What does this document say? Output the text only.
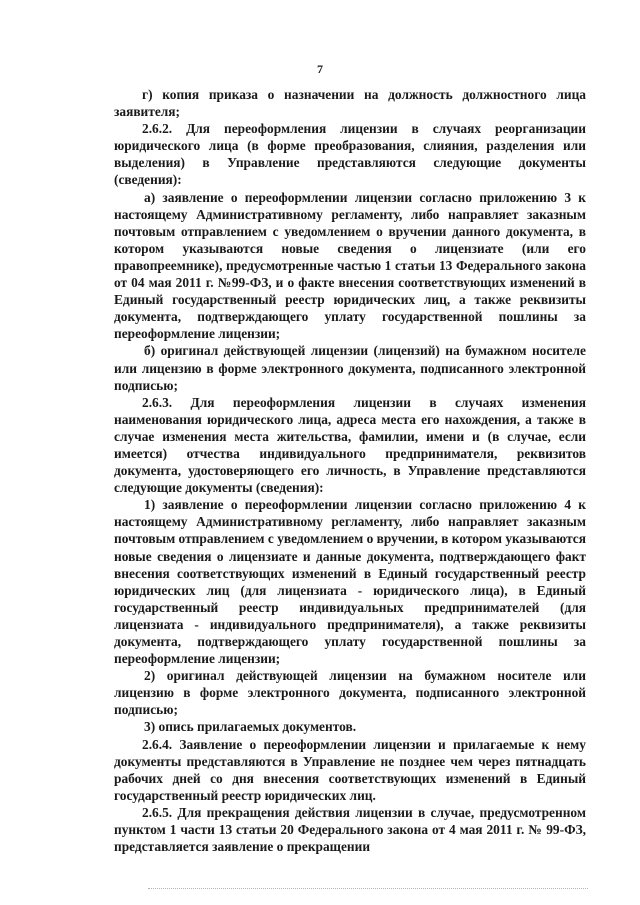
7

г) копия приказа о назначении на должность должностного лица заявителя;

2.6.2. Для переоформления лицензии в случаях реорганизации юридического лица (в форме преобразования, слияния, разделения или выделения) в Управление представляются следующие документы (сведения):

а) заявление о переоформлении лицензии согласно приложению 3 к настоящему Административному регламенту, либо направляет заказным почтовым отправлением с уведомлением о вручении данного документа, в котором указываются новые сведения о лицензиате (или его правопреемнике), предусмотренные частью 1 статьи 13 Федерального закона от 04 мая 2011 г. №99-ФЗ, и о факте внесения соответствующих изменений в Единый государственный реестр юридических лиц, а также реквизиты документа, подтверждающего уплату государственной пошлины за переоформление лицензии;

б) оригинал действующей лицензии (лицензий) на бумажном носителе или лицензию в форме электронного документа, подписанного электронной подписью;

2.6.3. Для переоформления лицензии в случаях изменения наименования юридического лица, адреса места его нахождения, а также в случае изменения места жительства, фамилии, имени и (в случае, если имеется) отчества индивидуального предпринимателя, реквизитов документа, удостоверяющего его личность, в Управление представляются следующие документы (сведения):

1) заявление о переоформлении лицензии согласно приложению 4 к настоящему Административному регламенту, либо направляет заказным почтовым отправлением с уведомлением о вручении, в котором указываются новые сведения о лицензиате и данные документа, подтверждающего факт внесения соответствующих изменений в Единый государственный реестр юридических лиц (для лицензиата - юридического лица), в Единый государственный реестр индивидуальных предпринимателей (для лицензиата - индивидуального предпринимателя), а также реквизиты документа, подтверждающего уплату государственной пошлины за переоформление лицензии;

2) оригинал действующей лицензии на бумажном носителе или лицензию в форме электронного документа, подписанного электронной подписью;

3) опись прилагаемых документов.

2.6.4. Заявление о переоформлении лицензии и прилагаемые к нему документы представляются в Управление не позднее чем через пятнадцать рабочих дней со дня внесения соответствующих изменений в Единый государственный реестр юридических лиц.

2.6.5. Для прекращения действия лицензии в случае, предусмотренном пунктом 1 части 13 статьи 20 Федерального закона от 4 мая 2011 г. № 99-ФЗ, представляется заявление о прекращении
